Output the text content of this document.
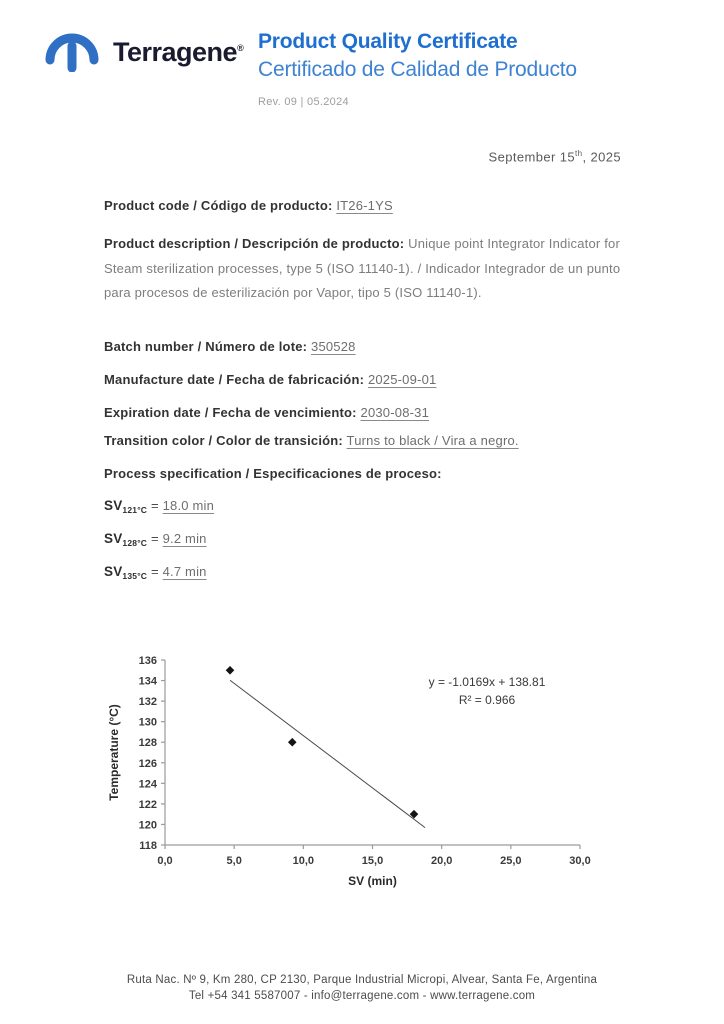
Terragene® Product Quality Certificate
Certificado de Calidad de Producto
Rev. 09 | 05.2024
September 15th, 2025
Product code / Código de producto: IT26-1YS
Product description / Descripción de producto: Unique point Integrator Indicator for Steam sterilization processes, type 5 (ISO 11140-1). / Indicador Integrador de un punto para procesos de esterilización por Vapor, tipo 5 (ISO 11140-1).
Batch number / Número de lote: 350528
Manufacture date / Fecha de fabricación: 2025-09-01
Expiration date / Fecha de vencimiento: 2030-08-31
Transition color / Color de transición: Turns to black / Vira a negro.
Process specification / Especificaciones de proceso:
$SV_{121^\circ C} = 18.0$ min
$SV_{128^\circ C} = 9.2$ min
$SV_{135^\circ C} = 4.7$ min
118
120
122
124
126
128
130
132
134
136
0,0	5,0	10,0	15,0	20,0	25,0	30,0
y = -1.0169x + 138.81
R² = 0.966
SV (min)
Temperature (°C)
Ruta Nac. Nº 9, Km 280, CP 2130, Parque Industrial Micropi, Alvear, Santa Fe, Argentina
Tel +54 341 5587007 - info@terragene.com - www.terragene.com
